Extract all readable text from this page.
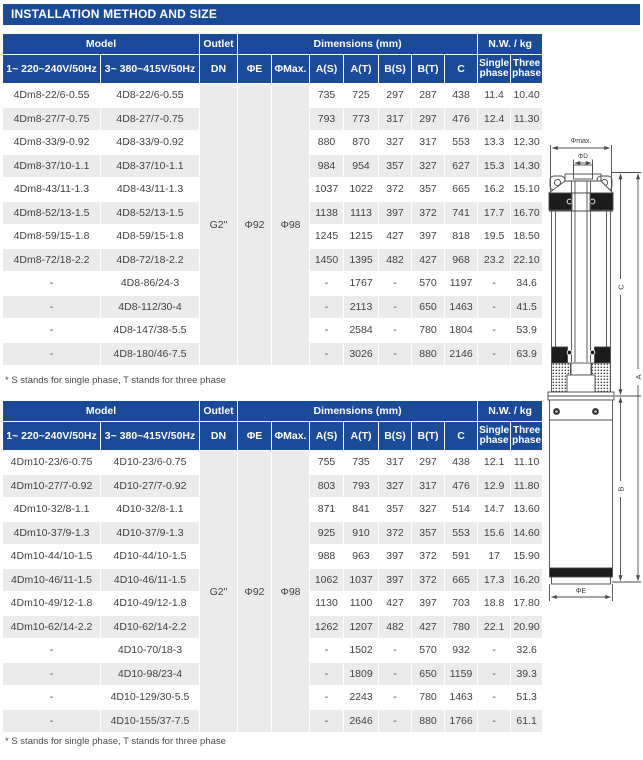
INSTALLATION METHOD AND SIZE
Model		Outlet	Dimensions (mm)							N.W. / kg	
1~ 220~240V/50Hz	3~ 380~415V/50Hz	DN	ΦE	ΦMax.	A(S)	A(T)	B(S)	B(T)	C	Single phase	Three phase
4Dm8-22/6-0.55	4D8-22/6-0.55	G2"	Φ92	Φ98	735	725	297	287	438	11.4	10.40
4Dm8-27/7-0.75	4D8-27/7-0.75				793	773	317	297	476	12.4	11.30
4Dm8-33/9-0.92	4D8-33/9-0.92				880	870	327	317	553	13.3	12.30
4Dm8-37/10-1.1	4D8-37/10-1.1				984	954	357	327	627	15.3	14.30
4Dm8-43/11-1.3	4D8-43/11-1.3				1037	1022	372	357	665	16.2	15.10
4Dm8-52/13-1.5	4D8-52/13-1.5				1138	1113	397	372	741	17.7	16.70
4Dm8-59/15-1.8	4D8-59/15-1.8				1245	1215	427	397	818	19.5	18.50
4Dm8-72/18-2.2	4D8-72/18-2.2				1450	1395	482	427	968	23.2	22.10
-	4D8-86/24-3				-	1767	-	570	1197	-	34.6
-	4D8-112/30-4				-	2113	-	650	1463	-	41.5
-	4D8-147/38-5.5				-	2584	-	780	1804	-	53.9
-	4D8-180/46-7.5				-	3026	-	880	2146	-	63.9
* S stands for single phase, T stands for three phase
Model		Outlet	Dimensions (mm)							N.W. / kg	
1~ 220~240V/50Hz	3~ 380~415V/50Hz	DN	ΦE	ΦMax.	A(S)	A(T)	B(S)	B(T)	C	Single phase	Three phase
4Dm10-23/6-0.75	4D10-23/6-0.75	G2"	Φ92	Φ98	755	735	317	297	438	12.1	11.10
4Dm10-27/7-0.92	4D10-27/7-0.92				803	793	327	317	476	12.9	11.80
4Dm10-32/8-1.1	4D10-32/8-1.1				871	841	357	327	514	14.7	13.60
4Dm10-37/9-1.3	4D10-37/9-1.3				925	910	372	357	553	15.6	14.60
4Dm10-44/10-1.5	4D10-44/10-1.5				988	963	397	372	591	17	15.90
4Dm10-46/11-1.5	4D10-46/11-1.5				1062	1037	397	372	665	17.3	16.20
4Dm10-49/12-1.8	4D10-49/12-1.8				1130	1100	427	397	703	18.8	17.80
4Dm10-62/14-2.2	4D10-62/14-2.2				1262	1207	482	427	780	22.1	20.90
-	4D10-70/18-3				-	1502	-	570	932	-	32.6
-	4D10-98/23-4				-	1809	-	650	1159	-	39.3
-	4D10-129/30-5.5				-	2243	-	780	1463	-	51.3
-	4D10-155/37-7.5				-	2646	-	880	1766	-	61.1
* S stands for single phase, T stands for three phase
Φmax.
ΦD
C
A
B
ΦE
